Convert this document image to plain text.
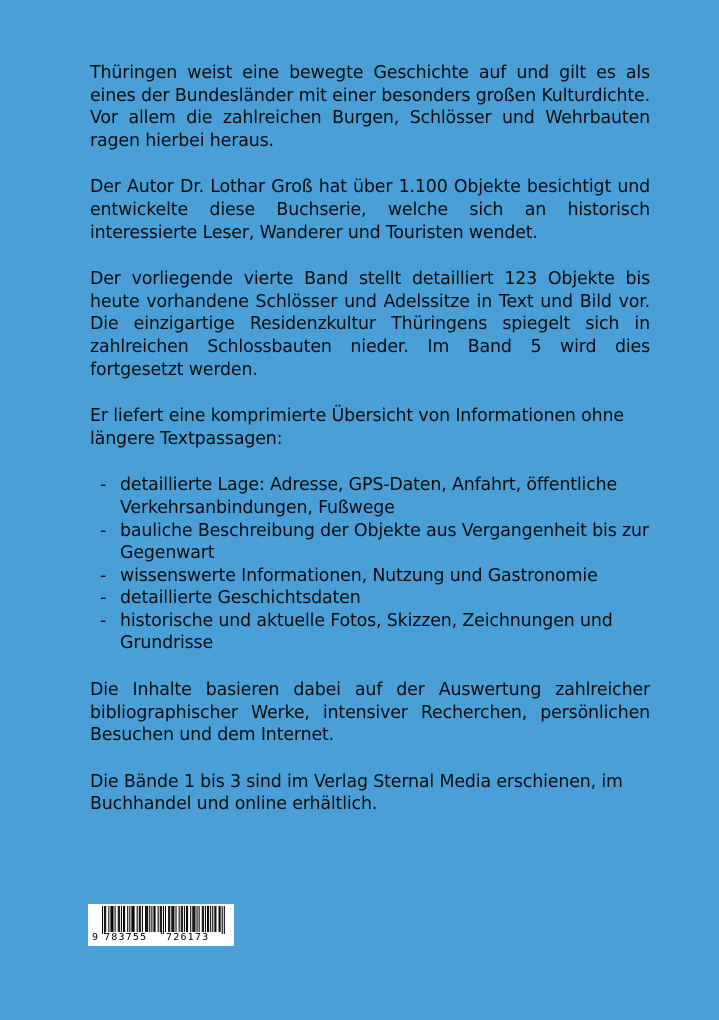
Thüringen weist eine bewegte Geschichte auf und gilt es als eines der Bundesländer mit einer besonders großen Kulturdichte. Vor allem die zahlreichen Burgen, Schlösser und Wehrbauten ragen hierbei heraus.

Der Autor Dr. Lothar Groß hat über 1.100 Objekte besichtigt und entwickelte diese Buchserie, welche sich an historisch interessierte Leser, Wanderer und Touristen wendet.

Der vorliegende vierte Band stellt detailliert 123 Objekte bis heute vorhandene Schlösser und Adelssitze in Text und Bild vor. Die einzigartige Residenzkultur Thüringens spiegelt sich in zahlreichen Schlossbauten nieder. Im Band 5 wird dies fortgesetzt werden.

Er liefert eine komprimierte Übersicht von Informationen ohne längere Textpassagen:

- detaillierte Lage: Adresse, GPS-Daten, Anfahrt, öffentliche Verkehrsanbindungen, Fußwege
- bauliche Beschreibung der Objekte aus Vergangenheit bis zur Gegenwart
- wissenswerte Informationen, Nutzung und Gastronomie
- detaillierte Geschichtsdaten
- historische und aktuelle Fotos, Skizzen, Zeichnungen und Grundrisse

Die Inhalte basieren dabei auf der Auswertung zahlreicher bibliographischer Werke, intensiver Recherchen, persönlichen Besuchen und dem Internet.

Die Bände 1 bis 3 sind im Verlag Sternal Media erschienen, im Buchhandel und online erhältlich.

9 783755 726173
